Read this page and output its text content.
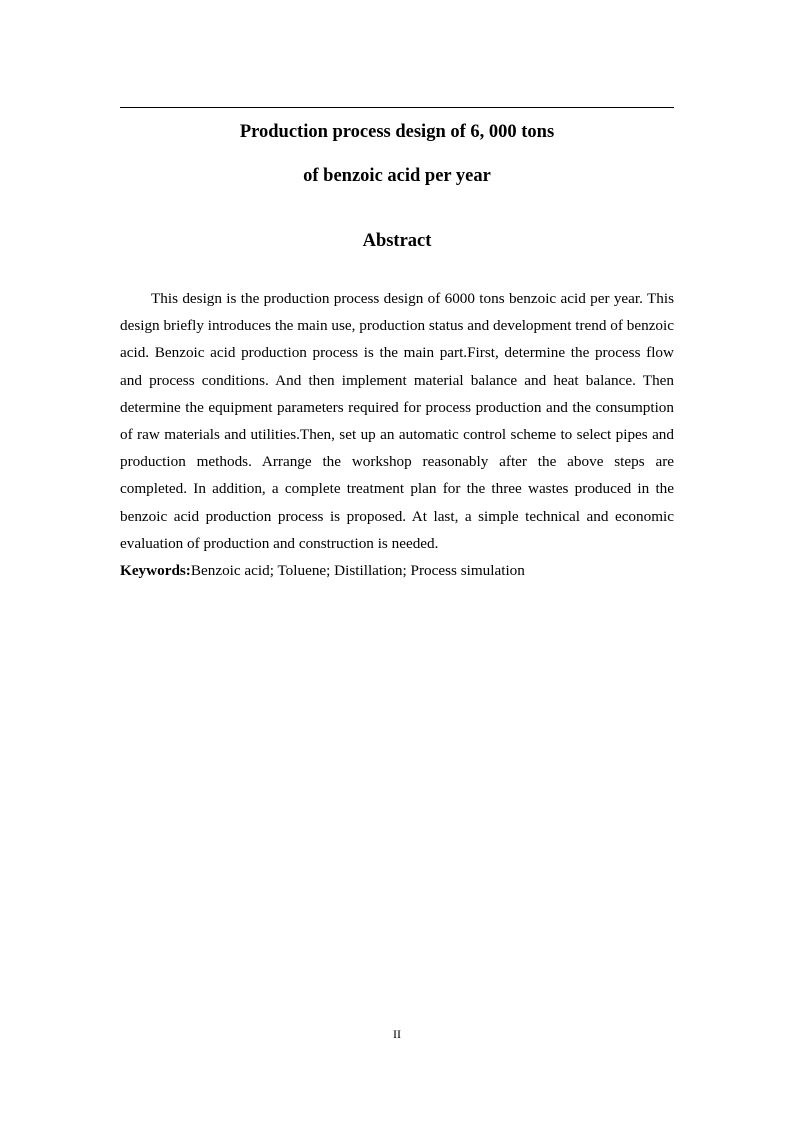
Production process design of 6, 000 tons
of benzoic acid per year
Abstract

This design is the production process design of 6000 tons benzoic acid per year. This design briefly introduces the main use, production status and development trend of benzoic acid. Benzoic acid production process is the main part.First, determine the process flow and process conditions. And then implement material balance and heat balance. Then determine the equipment parameters required for process production and the consumption of raw materials and utilities.Then, set up an automatic control scheme to select pipes and production methods. Arrange the workshop reasonably after the above steps are completed. In addition, a complete treatment plan for the three wastes produced in the benzoic acid production process is proposed. At last, a simple technical and economic evaluation of production and construction is needed.

Keywords:Benzoic acid; Toluene; Distillation; Process simulation

II
